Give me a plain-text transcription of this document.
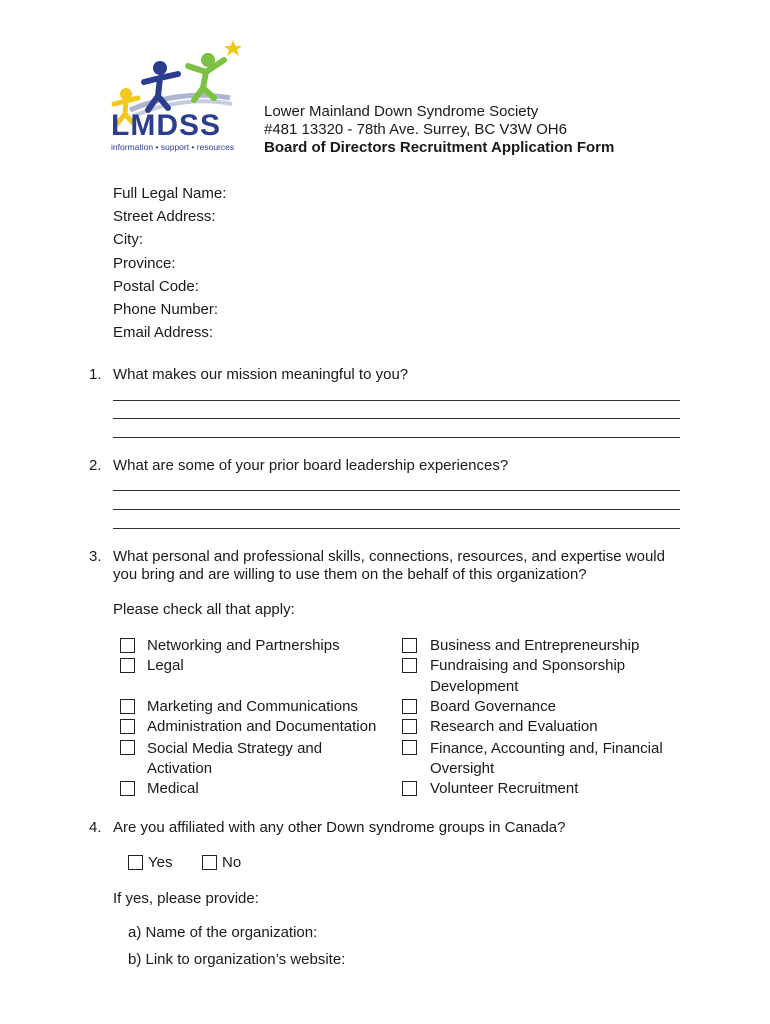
LMDSS
information • support • resources
Lower Mainland Down Syndrome Society
#481 13320 - 78th Ave. Surrey, BC V3W OH6
Board of Directors Recruitment Application Form
Full Legal Name:
Street Address:
City:
Province:
Postal Code:
Phone Number:
Email Address:
1. What makes our mission meaningful to you?
2. What are some of your prior board leadership experiences?
3. What personal and professional skills, connections, resources, and expertise would
you bring and are willing to use them on the behalf of this organization?
Please check all that apply:
Networking and Partnerships
Legal
Marketing and Communications
Administration and Documentation
Social Media Strategy and
Activation
Medical
Business and Entrepreneurship
Fundraising and Sponsorship
Development
Board Governance
Research and Evaluation
Finance, Accounting and, Financial
Oversight
Volunteer Recruitment
4. Are you affiliated with any other Down syndrome groups in Canada?
Yes	No
If yes, please provide:
a) Name of the organization:
b) Link to organization’s website:
